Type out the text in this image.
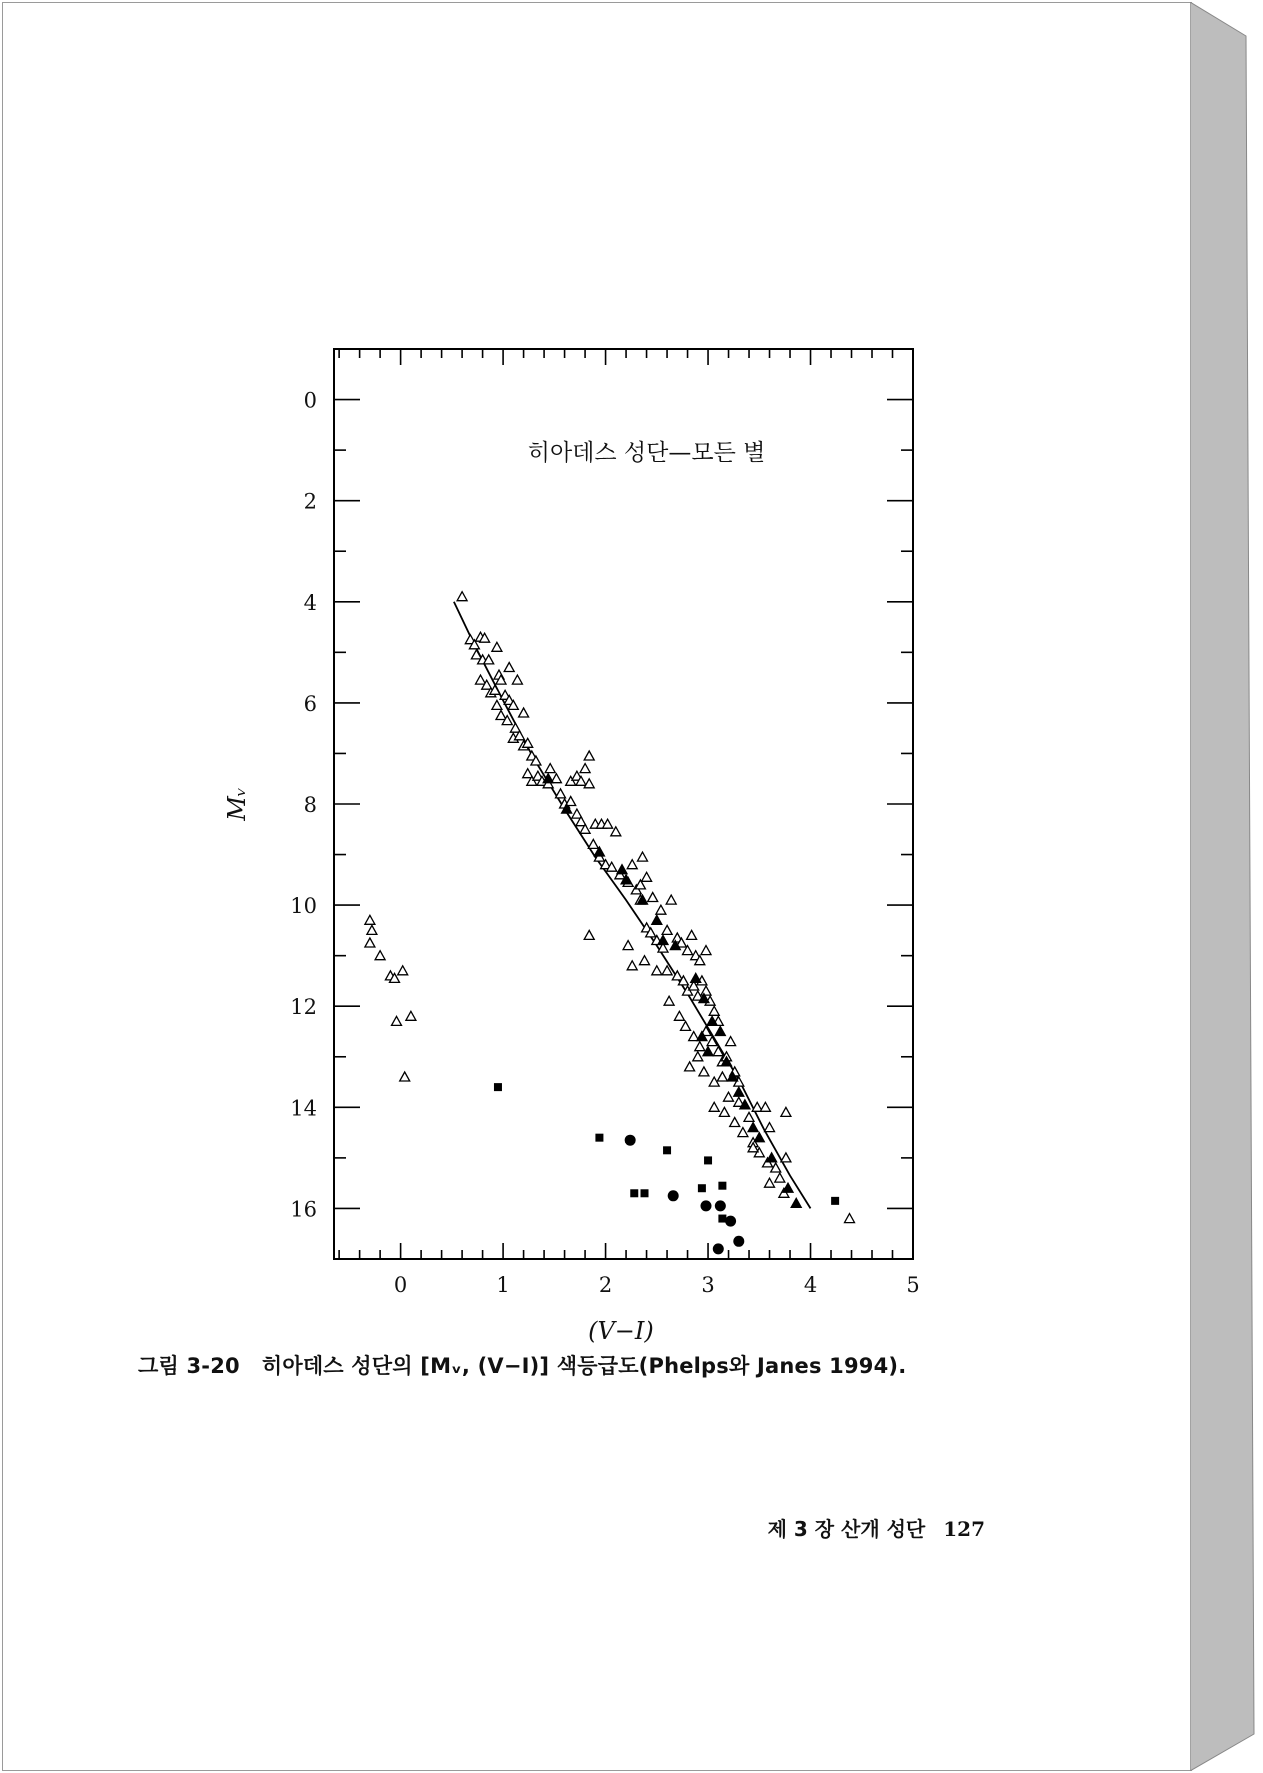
0	1	2	3	4	5
0
2
4
6
8
10
12
14
16
(V−I)
Mᵥ
히아데스 성단—모든 별
그림 3-20 히아데스 성단의 [Mᵥ, (V−I)] 색등급도(Phelps와 Janes 1994).
제 3 장 산개 성단 127
